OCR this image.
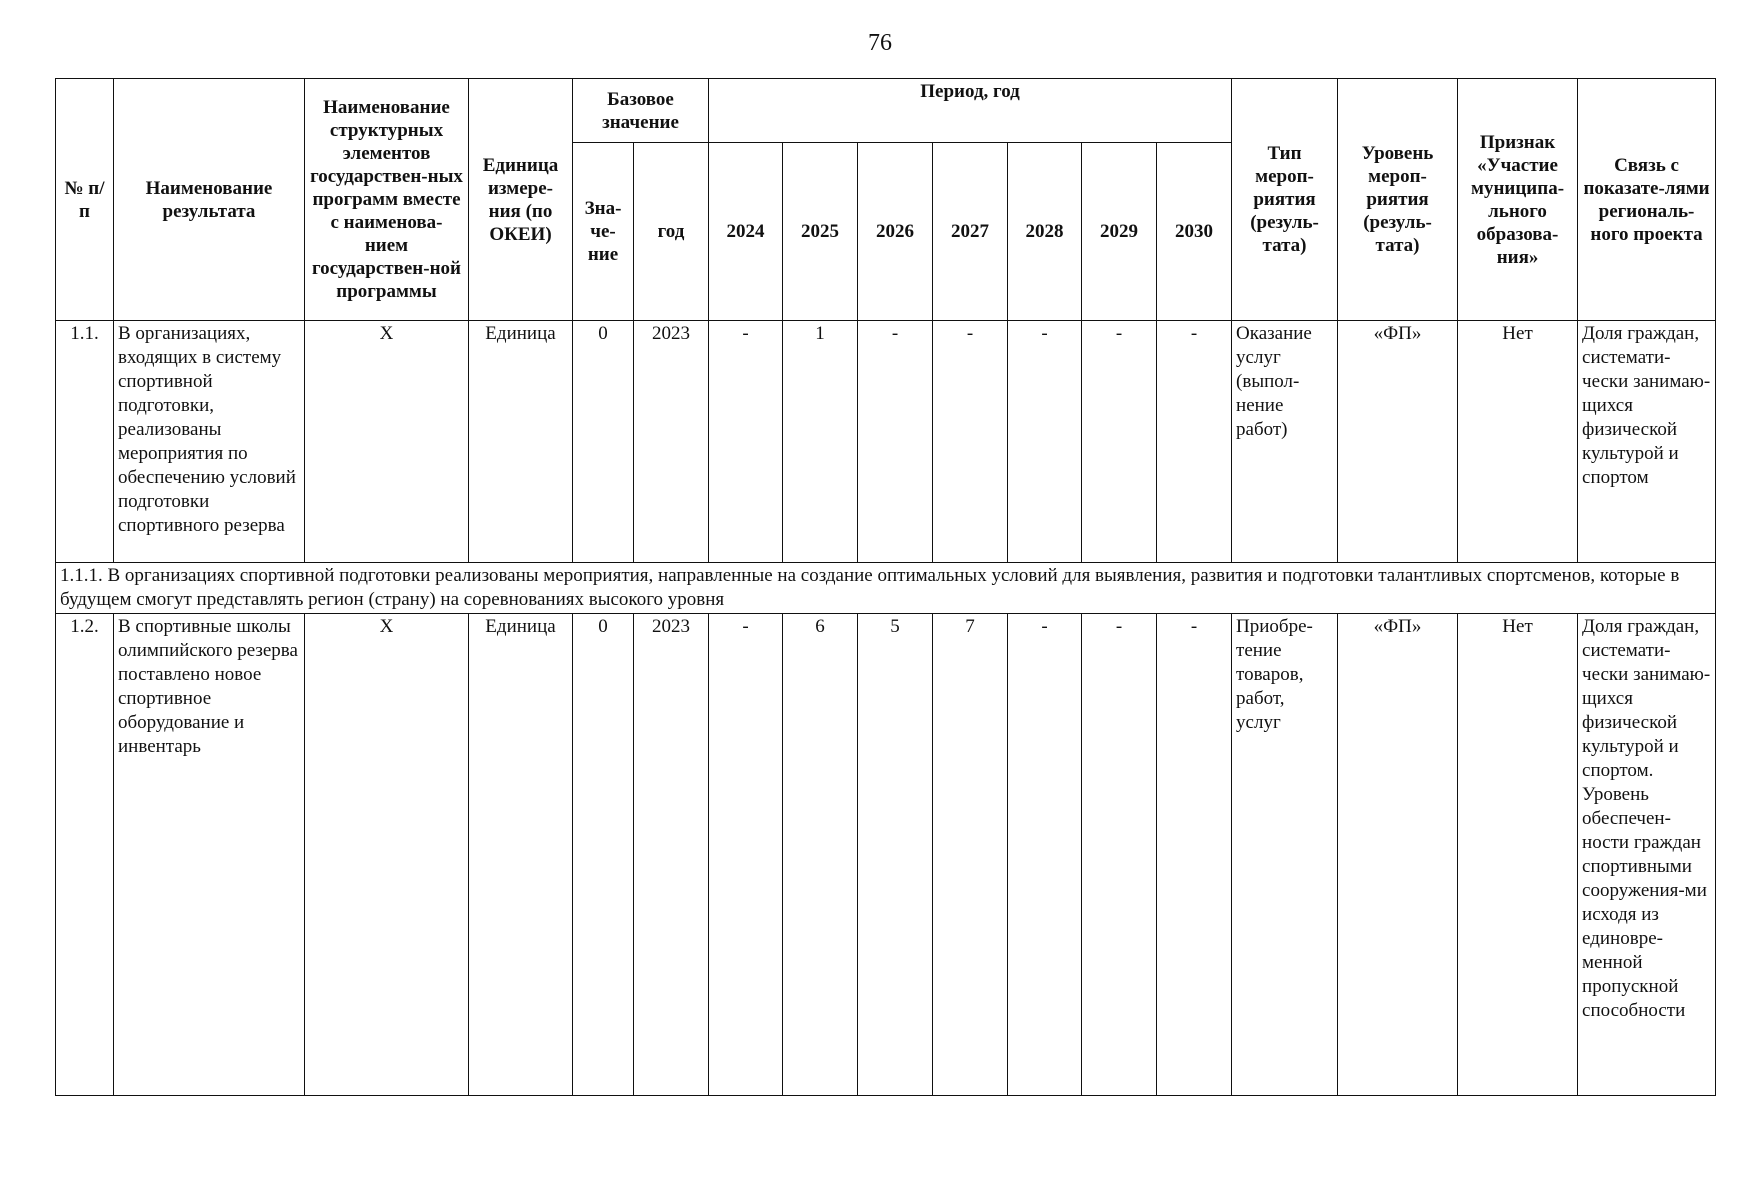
76
№ п/п	Наименование результата	Наименование структурных элементов государствен-ных программ вместе с наименова-нием государствен-ной программы	Единица измере-ния (по ОКЕИ)	Базовое значение		Период, год							Тип мероп-риятия (резуль-тата)	Уровень мероп-риятия (резуль-тата)	Признак «Участие муниципа-льного образова-ния»	Связь с показате-лями региональ-ного проекта
						2024	2025	2026	2027	2028	2029	2030				
				Зна-че-ние	год											
1.1.	В организациях, входящих в систему спортивной подготовки, реализованы мероприятия по обеспечению условий подготовки спортивного резерва	Х	Единица	0	2023	-	1	-	-	-	-	-	Оказание услуг (выпол-нение работ)	«ФП»	Нет	Доля граждан, системати-чески занимаю-щихся физической культурой и спортом
1.1.1. В организациях спортивной подготовки реализованы мероприятия, направленные на создание оптимальных условий для выявления, развития и подготовки талантливых спортсменов, которые в будущем смогут представлять регион (страну) на соревнованиях высокого уровня																
1.2.	В спортивные школы олимпийского резерва поставлено новое спортивное оборудование и инвентарь	Х	Единица	0	2023	-	6	5	7	-	-	-	Приобре-тение товаров, работ, услуг	«ФП»	Нет	Доля граждан, системати-чески занимаю-щихся физической культурой и спортом. Уровень обеспечен-ности граждан спортивными сооружения-ми исходя из единовре-менной пропускной способности
